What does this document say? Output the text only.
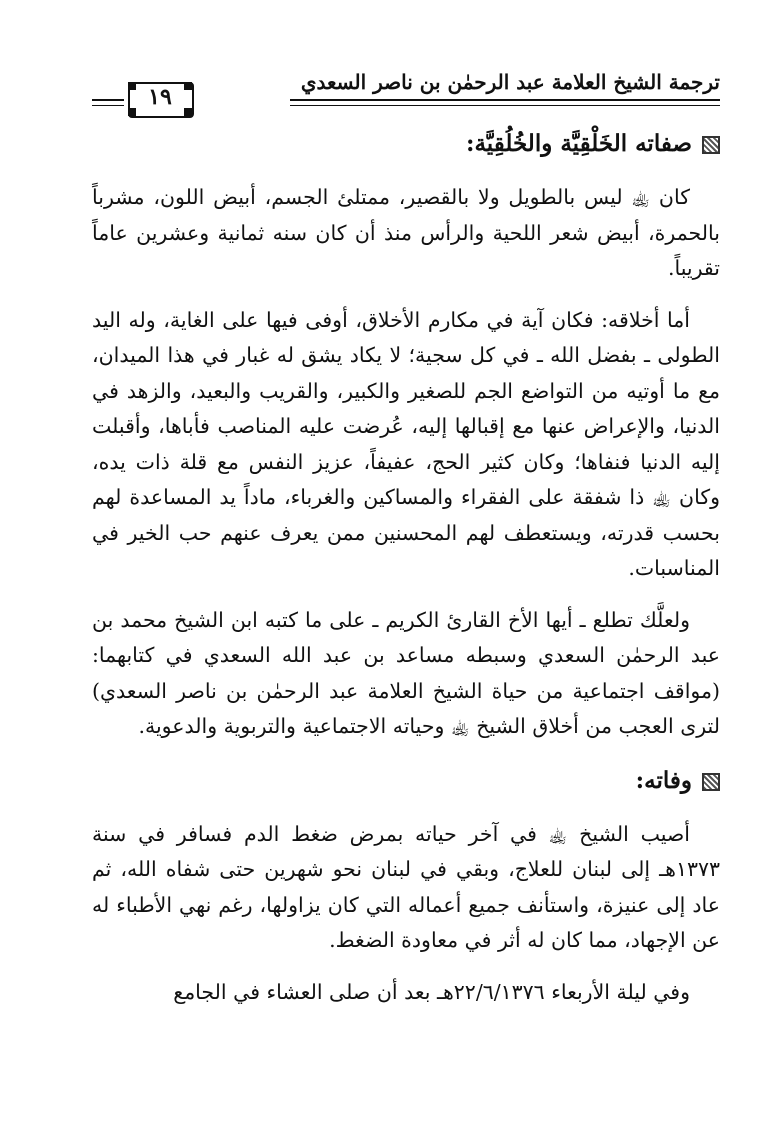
ترجمة الشيخ العلامة عبد الرحمٰن بن ناصر السعدي
١٩
صفاته الخَلْقِيَّة والخُلُقِيَّة:

كان ﵀ ليس بالطويل ولا بالقصير، ممتلئ الجسم، أبيض اللون، مشرباً بالحمرة، أبيض شعر اللحية والرأس منذ أن كان سنه ثمانية وعشرين عاماً تقريباً.

أما أخلاقه: فكان آية في مكارم الأخلاق، أوفى فيها على الغاية، وله اليد الطولى ـ بفضل الله ـ في كل سجية؛ لا يكاد يشق له غبار في هذا الميدان، مع ما أوتيه من التواضع الجم للصغير والكبير، والقريب والبعيد، والزهد في الدنيا، والإعراض عنها مع إقبالها إليه، عُرضت عليه المناصب فأباها، وأقبلت إليه الدنيا فنفاها؛ وكان كثير الحج، عفيفاً، عزيز النفس مع قلة ذات يده، وكان ﵀ ذا شفقة على الفقراء والمساكين والغرباء، ماداً يد المساعدة لهم بحسب قدرته، ويستعطف لهم المحسنين ممن يعرف عنهم حب الخير في المناسبات.

ولعلَّك تطلع ـ أيها الأخ القارئ الكريم ـ على ما كتبه ابن الشيخ محمد بن عبد الرحمٰن السعدي وسبطه مساعد بن عبد الله السعدي في كتابهما: (مواقف اجتماعية من حياة الشيخ العلامة عبد الرحمٰن بن ناصر السعدي) لترى العجب من أخلاق الشيخ ﵀ وحياته الاجتماعية والتربوية والدعوية.

وفاته:

أصيب الشيخ ﵀ في آخر حياته بمرض ضغط الدم فسافر في سنة ١٣٧٣هـ إلى لبنان للعلاج، وبقي في لبنان نحو شهرين حتى شفاه الله، ثم عاد إلى عنيزة، واستأنف جميع أعماله التي كان يزاولها، رغم نهي الأطباء له عن الإجهاد، مما كان له أثر في معاودة الضغط.

وفي ليلة الأربعاء ٢٢/٦/١٣٧٦هـ بعد أن صلى العشاء في الجامع
